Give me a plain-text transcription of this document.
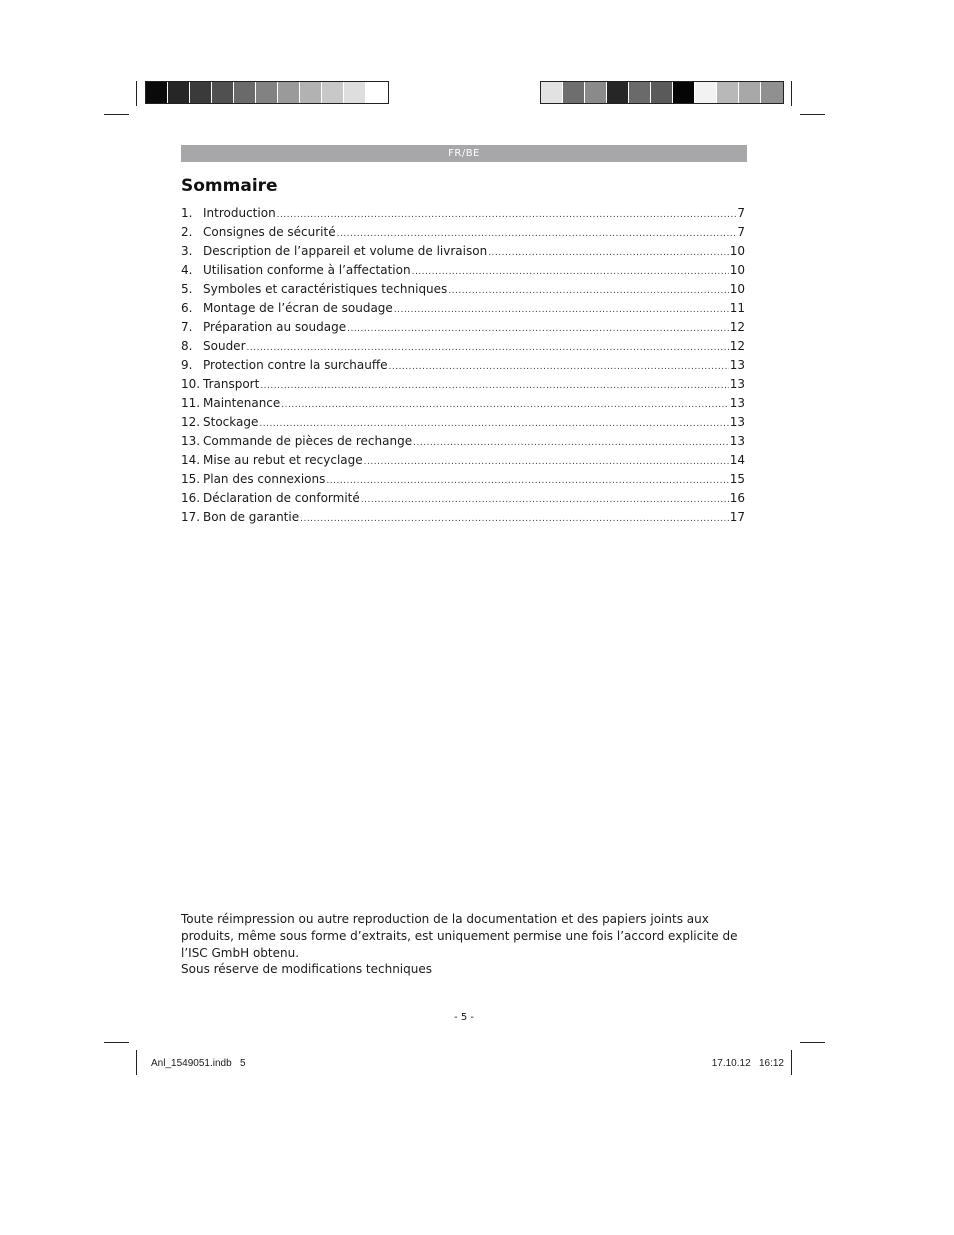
FR/BE
Sommaire
1. Introduction .....	7
2. Consignes de sécurité .....	7
3. Description de l’appareil et volume de livraison .....	10
4. Utilisation conforme à l’affectation .....	10
5. Symboles et caractéristiques techniques .....	10
6. Montage de l’écran de soudage .....	11
7. Préparation au soudage .....	12
8. Souder .....	12
9. Protection contre la surchauffe .....	13
10. Transport .....	13
11. Maintenance .....	13
12. Stockage .....	13
13. Commande de pièces de rechange .....	13
14. Mise au rebut et recyclage .....	14
15. Plan des connexions .....	15
16. Déclaration de conformité .....	16
17. Bon de garantie .....	17
Toute réimpression ou autre reproduction de la documentation et des papiers joints aux produits, même sous forme d’extraits, est uniquement permise une fois l’accord explicite de l’ISC GmbH obtenu.
Sous réserve de modifications techniques
- 5 -
Anl_1549051.indb   5	17.10.12   16:12
